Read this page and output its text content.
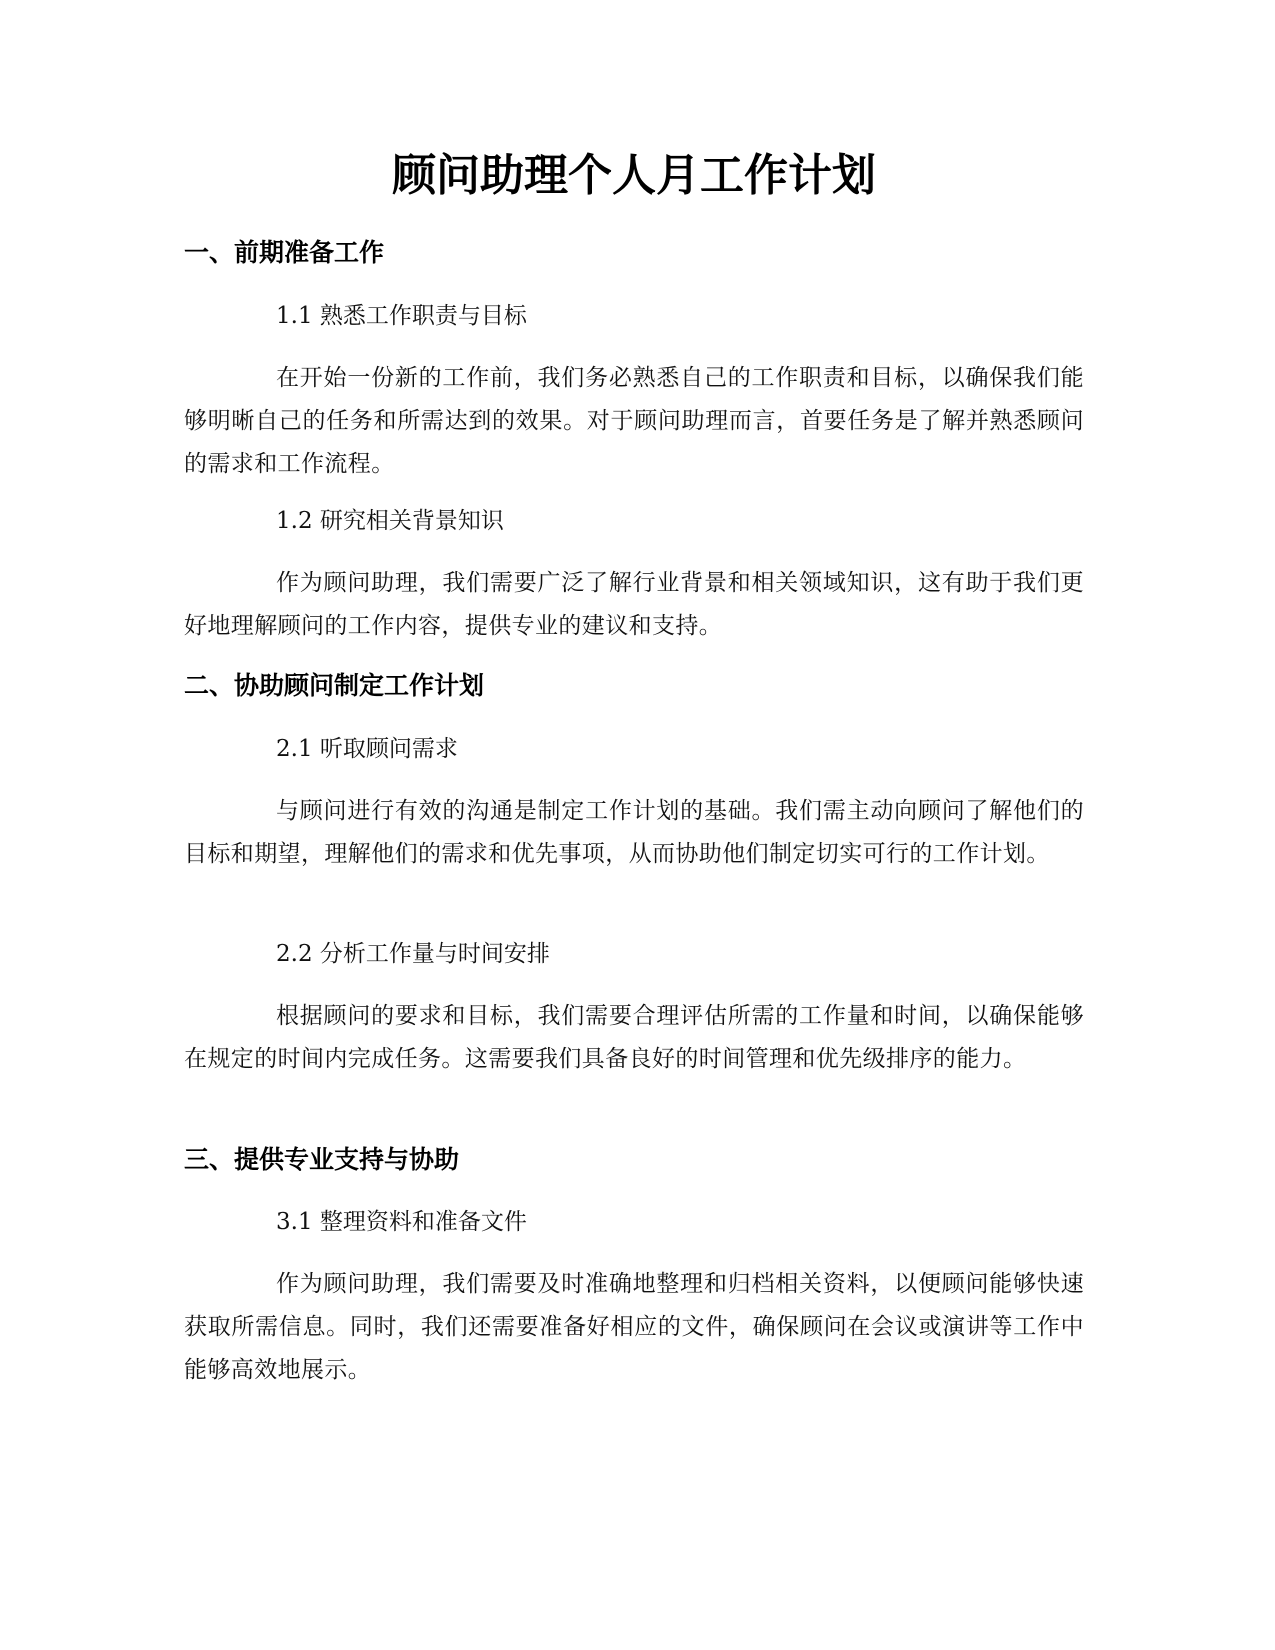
顾问助理个人月工作计划
一、前期准备工作

1.1 熟悉工作职责与目标

在开始一份新的工作前，我们务必熟悉自己的工作职责和目标，以确保我们能够明晰自己的任务和所需达到的效果。对于顾问助理而言，首要任务是了解并熟悉顾问的需求和工作流程。

1.2 研究相关背景知识

作为顾问助理，我们需要广泛了解行业背景和相关领域知识，这有助于我们更好地理解顾问的工作内容，提供专业的建议和支持。

二、协助顾问制定工作计划

2.1 听取顾问需求

与顾问进行有效的沟通是制定工作计划的基础。我们需主动向顾问了解他们的目标和期望，理解他们的需求和优先事项，从而协助他们制定切实可行的工作计划。

2.2 分析工作量与时间安排

根据顾问的要求和目标，我们需要合理评估所需的工作量和时间，以确保能够在规定的时间内完成任务。这需要我们具备良好的时间管理和优先级排序的能力。

三、提供专业支持与协助

3.1 整理资料和准备文件

作为顾问助理，我们需要及时准确地整理和归档相关资料，以便顾问能够快速获取所需信息。同时，我们还需要准备好相应的文件，确保顾问在会议或演讲等工作中能够高效地展示。
